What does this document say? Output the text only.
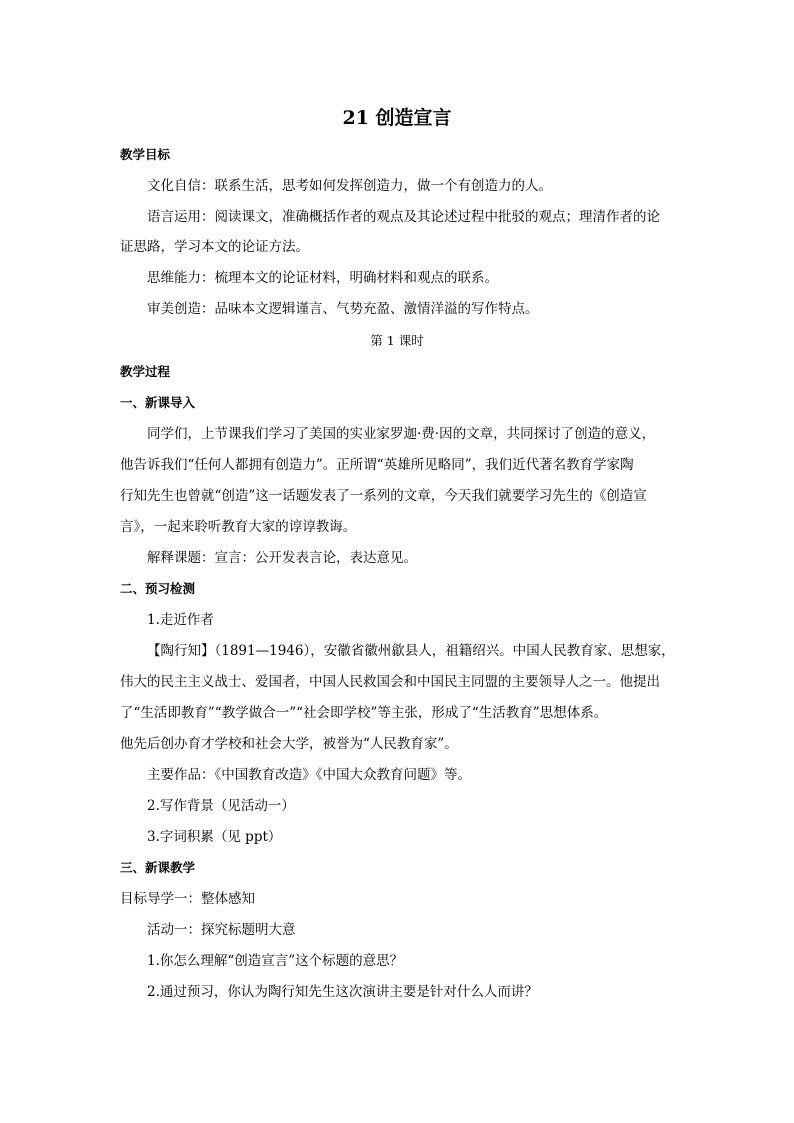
21 创造宣言
教学目标
文化自信：联系生活，思考如何发挥创造力，做一个有创造力的人。
语言运用：阅读课文，准确概括作者的观点及其论述过程中批驳的观点；理清作者的论
证思路，学习本文的论证方法。
思维能力：梳理本文的论证材料，明确材料和观点的联系。
审美创造：品味本文逻辑谨言、气势充盈、激情洋溢的写作特点。
第 1 课时
教学过程
一、新课导入
同学们，上节课我们学习了美国的实业家罗迦·费·因的文章，共同探讨了创造的意义，
他告诉我们“任何人都拥有创造力”。正所谓“英雄所见略同”，我们近代著名教育学家陶
行知先生也曾就“创造”这一话题发表了一系列的文章，今天我们就要学习先生的《创造宣
言》，一起来聆听教育大家的谆谆教诲。
解释课题：宣言：公开发表言论，表达意见。
二、预习检测
1.走近作者
【陶行知】（1891—1946），安徽省徽州歙县人，祖籍绍兴。中国人民教育家、思想家，
伟大的民主主义战士、爱国者，中国人民救国会和中国民主同盟的主要领导人之一。他提出
了“生活即教育”“教学做合一”“社会即学校”等主张，形成了“生活教育”思想体系。
他先后创办育才学校和社会大学，被誉为“人民教育家”。
主要作品：《中国教育改造》《中国大众教育问题》等。
2.写作背景（见活动一）
3.字词积累（见 ppt）
三、新课教学
目标导学一：整体感知
活动一：探究标题明大意
1.你怎么理解“创造宣言”这个标题的意思？
2.通过预习，你认为陶行知先生这次演讲主要是针对什么人而讲？
